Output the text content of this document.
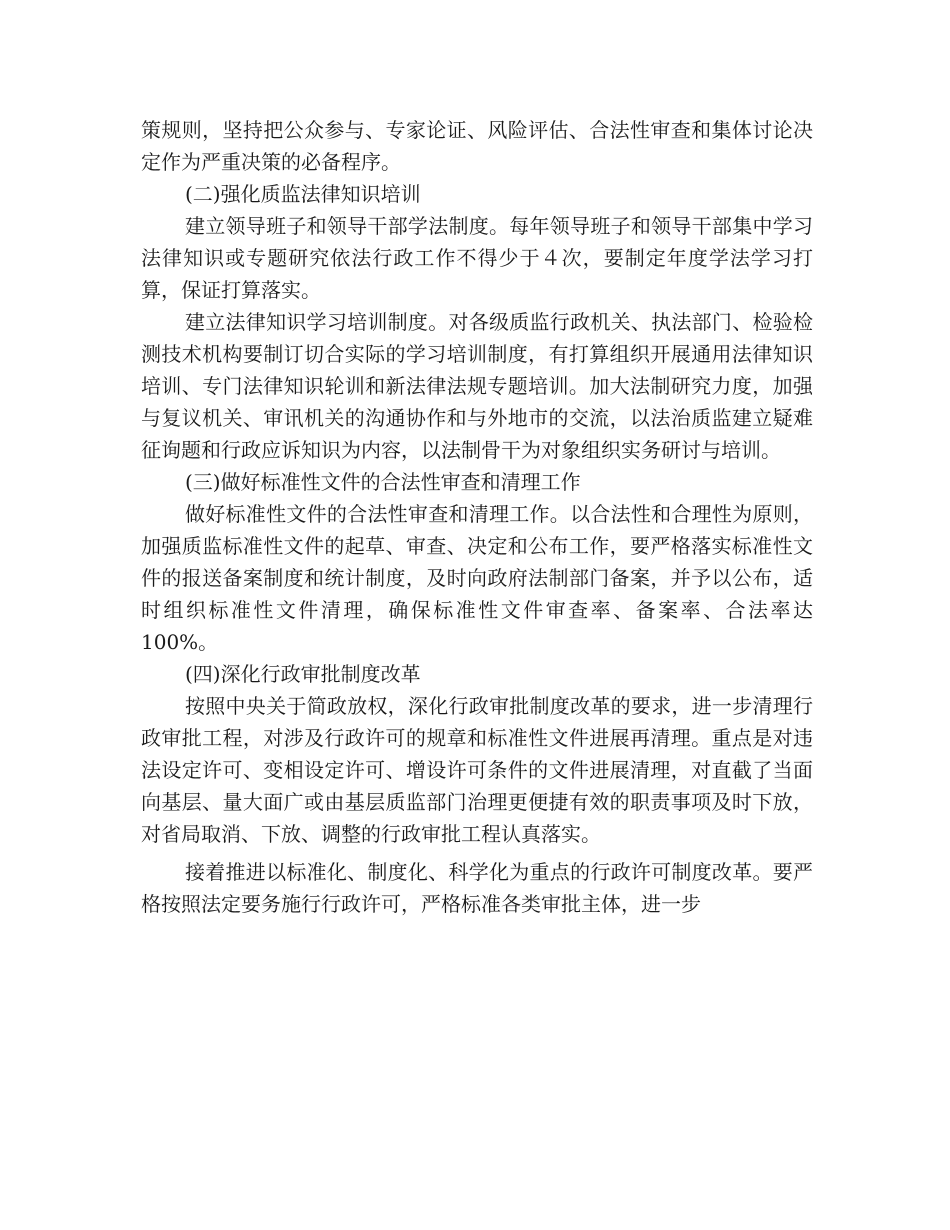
策规则，坚持把公众参与、专家论证、风险评估、合法性审查和集体讨论决定作为严重决策的必备程序。

(二)强化质监法律知识培训

建立领导班子和领导干部学法制度。每年领导班子和领导干部集中学习法律知识或专题研究依法行政工作不得少于４次，要制定年度学法学习打算，保证打算落实。

建立法律知识学习培训制度。对各级质监行政机关、执法部门、检验检测技术机构要制订切合实际的学习培训制度，有打算组织开展通用法律知识培训、专门法律知识轮训和新法律法规专题培训。加大法制研究力度，加强与复议机关、审讯机关的沟通协作和与外地市的交流，以法治质监建立疑难征询题和行政应诉知识为内容，以法制骨干为对象组织实务研讨与培训。

(三)做好标准性文件的合法性审查和清理工作

做好标准性文件的合法性审查和清理工作。以合法性和合理性为原则，加强质监标准性文件的起草、审查、决定和公布工作，要严格落实标准性文件的报送备案制度和统计制度，及时向政府法制部门备案，并予以公布，适时组织标准性文件清理，确保标准性文件审查率、备案率、合法率达100%。

(四)深化行政审批制度改革

按照中央关于简政放权，深化行政审批制度改革的要求，进一步清理行政审批工程，对涉及行政许可的规章和标准性文件进展再清理。重点是对违法设定许可、变相设定许可、增设许可条件的文件进展清理，对直截了当面向基层、量大面广或由基层质监部门治理更便捷有效的职责事项及时下放，对省局取消、下放、调整的行政审批工程认真落实。

接着推进以标准化、制度化、科学化为重点的行政许可制度改革。要严格按照法定要务施行行政许可，严格标准各类审批主体，进一步
